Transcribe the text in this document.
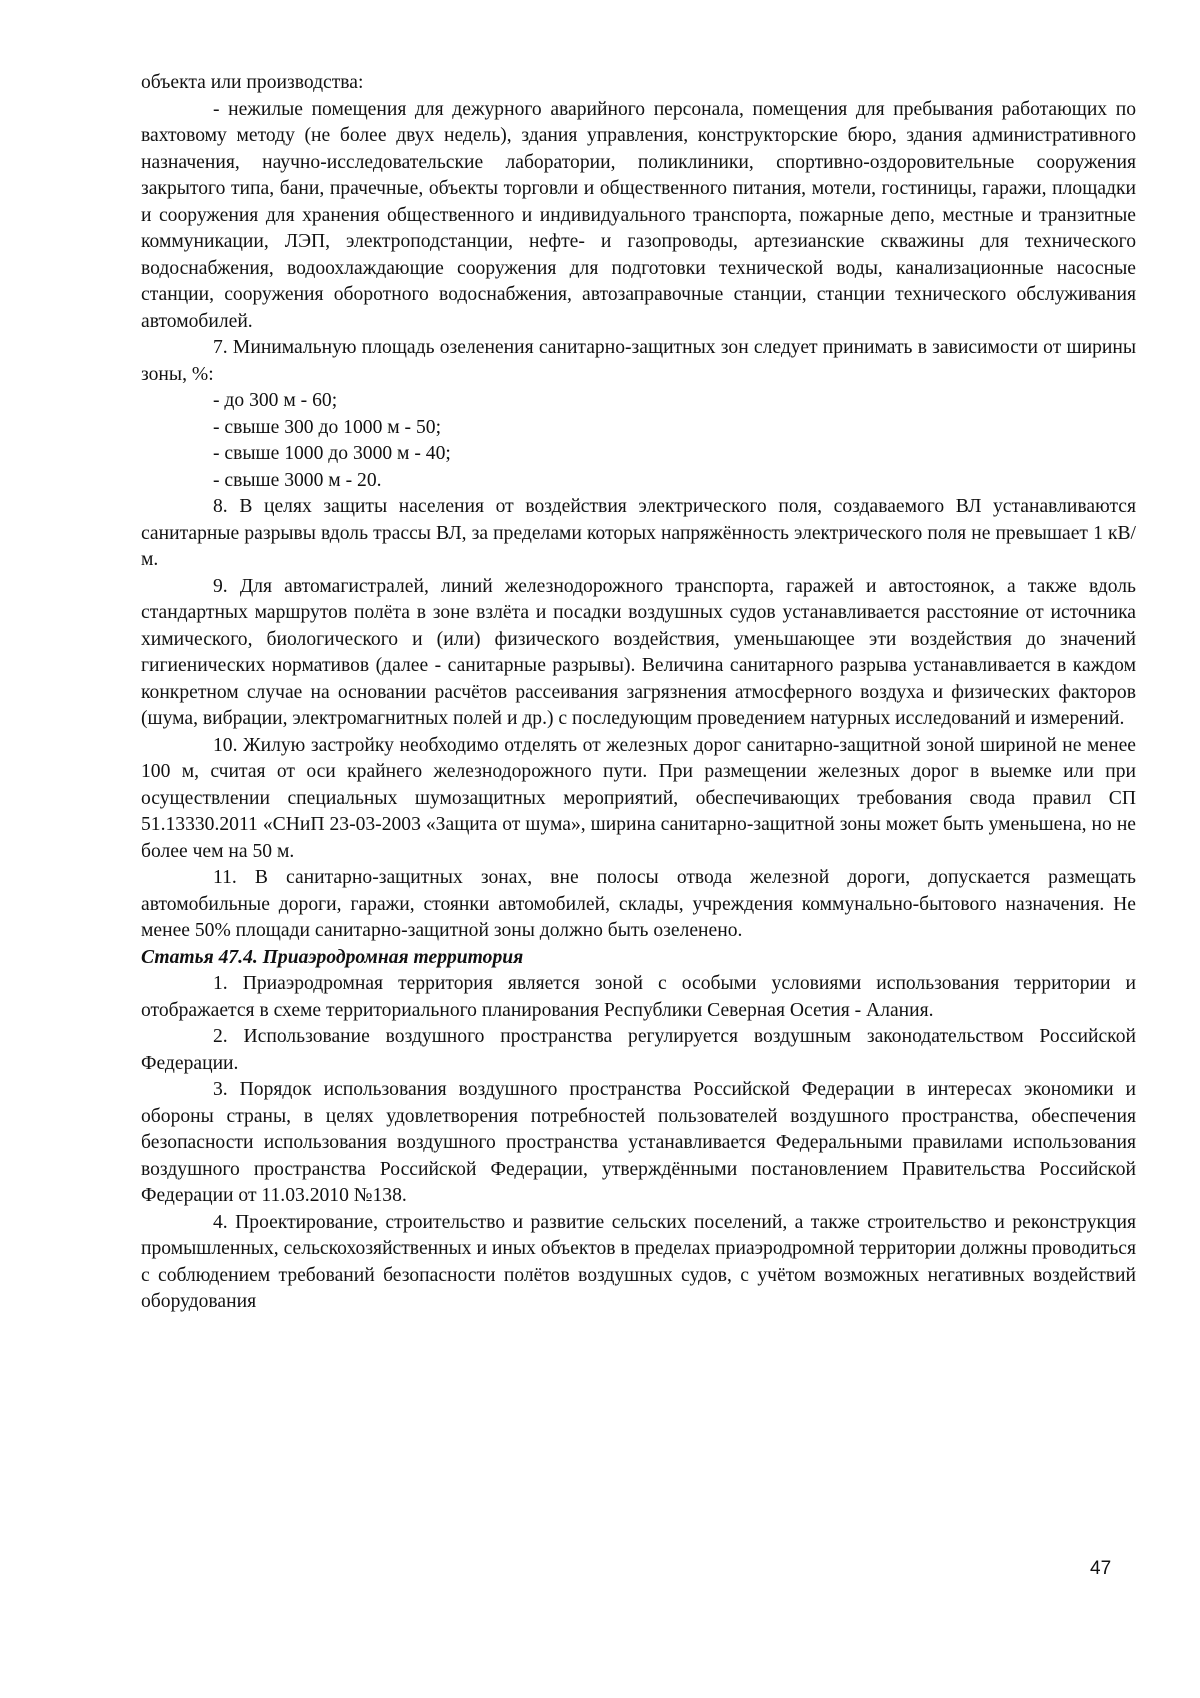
объекта или производства:

- нежилые помещения для дежурного аварийного персонала, помещения для пребывания работающих по вахтовому методу (не более двух недель), здания управления, конструкторские бюро, здания административного назначения, научно-исследовательские лаборатории, поликлиники, спортивно-оздоровительные сооружения закрытого типа, бани, прачечные, объекты торговли и общественного питания, мотели, гостиницы, гаражи, площадки и сооружения для хранения общественного и индивидуального транспорта, пожарные депо, местные и транзитные коммуникации, ЛЭП, электроподстанции, нефте- и газопроводы, артезианские скважины для технического водоснабжения, водоохлаждающие сооружения для подготовки технической воды, канализационные насосные станции, сооружения оборотного водоснабжения, автозаправочные станции, станции технического обслуживания автомобилей.

7. Минимальную площадь озеленения санитарно-защитных зон следует принимать в зависимости от ширины зоны, %:

- до 300 м - 60;
- свыше 300 до 1000 м - 50;
- свыше 1000 до 3000 м - 40;
- свыше 3000 м - 20.

8. В целях защиты населения от воздействия электрического поля, создаваемого ВЛ устанавливаются санитарные разрывы вдоль трассы ВЛ, за пределами которых напряжённость электрического поля не превышает 1 кВ/м.

9. Для автомагистралей, линий железнодорожного транспорта, гаражей и автостоянок, а также вдоль стандартных маршрутов полёта в зоне взлёта и посадки воздушных судов устанавливается расстояние от источника химического, биологического и (или) физического воздействия, уменьшающее эти воздействия до значений гигиенических нормативов (далее - санитарные разрывы). Величина санитарного разрыва устанавливается в каждом конкретном случае на основании расчётов рассеивания загрязнения атмосферного воздуха и физических факторов (шума, вибрации, электромагнитных полей и др.) с последующим проведением натурных исследований и измерений.

10. Жилую застройку необходимо отделять от железных дорог санитарно-защитной зоной шириной не менее 100 м, считая от оси крайнего железнодорожного пути. При размещении железных дорог в выемке или при осуществлении специальных шумозащитных мероприятий, обеспечивающих требования свода правил СП 51.13330.2011 «СНиП 23-03-2003 «Защита от шума», ширина санитарно-защитной зоны может быть уменьшена, но не более чем на 50 м.

11. В санитарно-защитных зонах, вне полосы отвода железной дороги, допускается размещать автомобильные дороги, гаражи, стоянки автомобилей, склады, учреждения коммунально-бытового назначения. Не менее 50% площади санитарно-защитной зоны должно быть озеленено.

Статья 47.4. Приаэродромная территория

1. Приаэродромная территория является зоной с особыми условиями использования территории и отображается в схеме территориального планирования Республики Северная Осетия - Алания.

2. Использование воздушного пространства регулируется воздушным законодательством Российской Федерации.

3. Порядок использования воздушного пространства Российской Федерации в интересах экономики и обороны страны, в целях удовлетворения потребностей пользователей воздушного пространства, обеспечения безопасности использования воздушного пространства устанавливается Федеральными правилами использования воздушного пространства Российской Федерации, утверждёнными постановлением Правительства Российской Федерации от 11.03.2010 №138.

4. Проектирование, строительство и развитие сельских поселений, а также строительство и реконструкция промышленных, сельскохозяйственных и иных объектов в пределах приаэродромной территории должны проводиться с соблюдением требований безопасности полётов воздушных судов, с учётом возможных негативных воздействий оборудования

47
